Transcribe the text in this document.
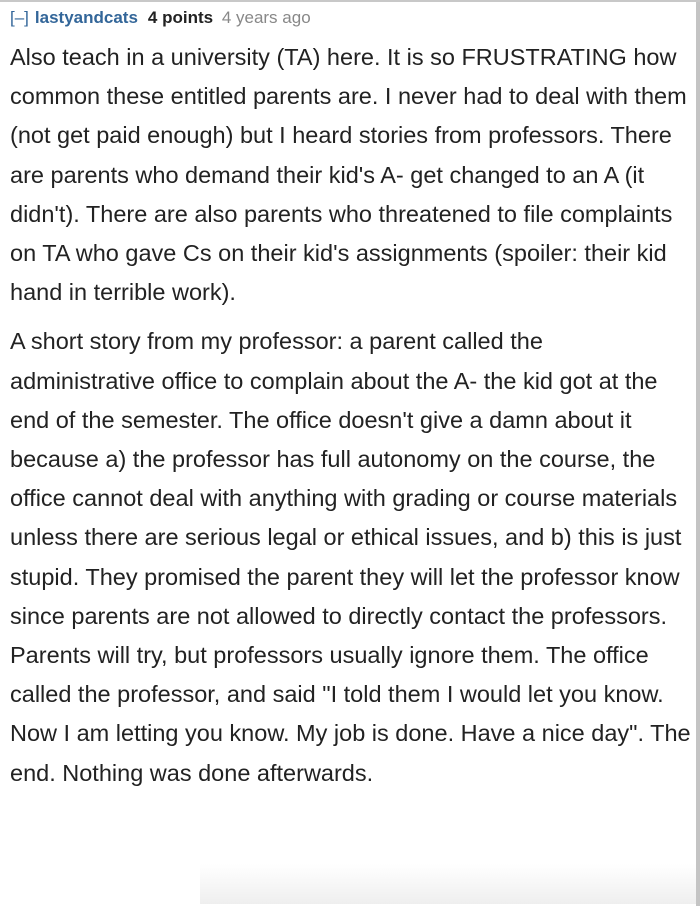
[–] lastyandcats 4 points 4 years ago

Also teach in a university (TA) here. It is so FRUSTRATING how common these entitled parents are. I never had to deal with them (not get paid enough) but I heard stories from professors. There are parents who demand their kid's A- get changed to an A (it didn't). There are also parents who threatened to file complaints on TA who gave Cs on their kid's assignments (spoiler: their kid hand in terrible work).

A short story from my professor: a parent called the administrative office to complain about the A- the kid got at the end of the semester. The office doesn't give a damn about it because a) the professor has full autonomy on the course, the office cannot deal with anything with grading or course materials unless there are serious legal or ethical issues, and b) this is just stupid. They promised the parent they will let the professor know since parents are not allowed to directly contact the professors. Parents will try, but professors usually ignore them. The office called the professor, and said "I told them I would let you know. Now I am letting you know. My job is done. Have a nice day". The end. Nothing was done afterwards.
